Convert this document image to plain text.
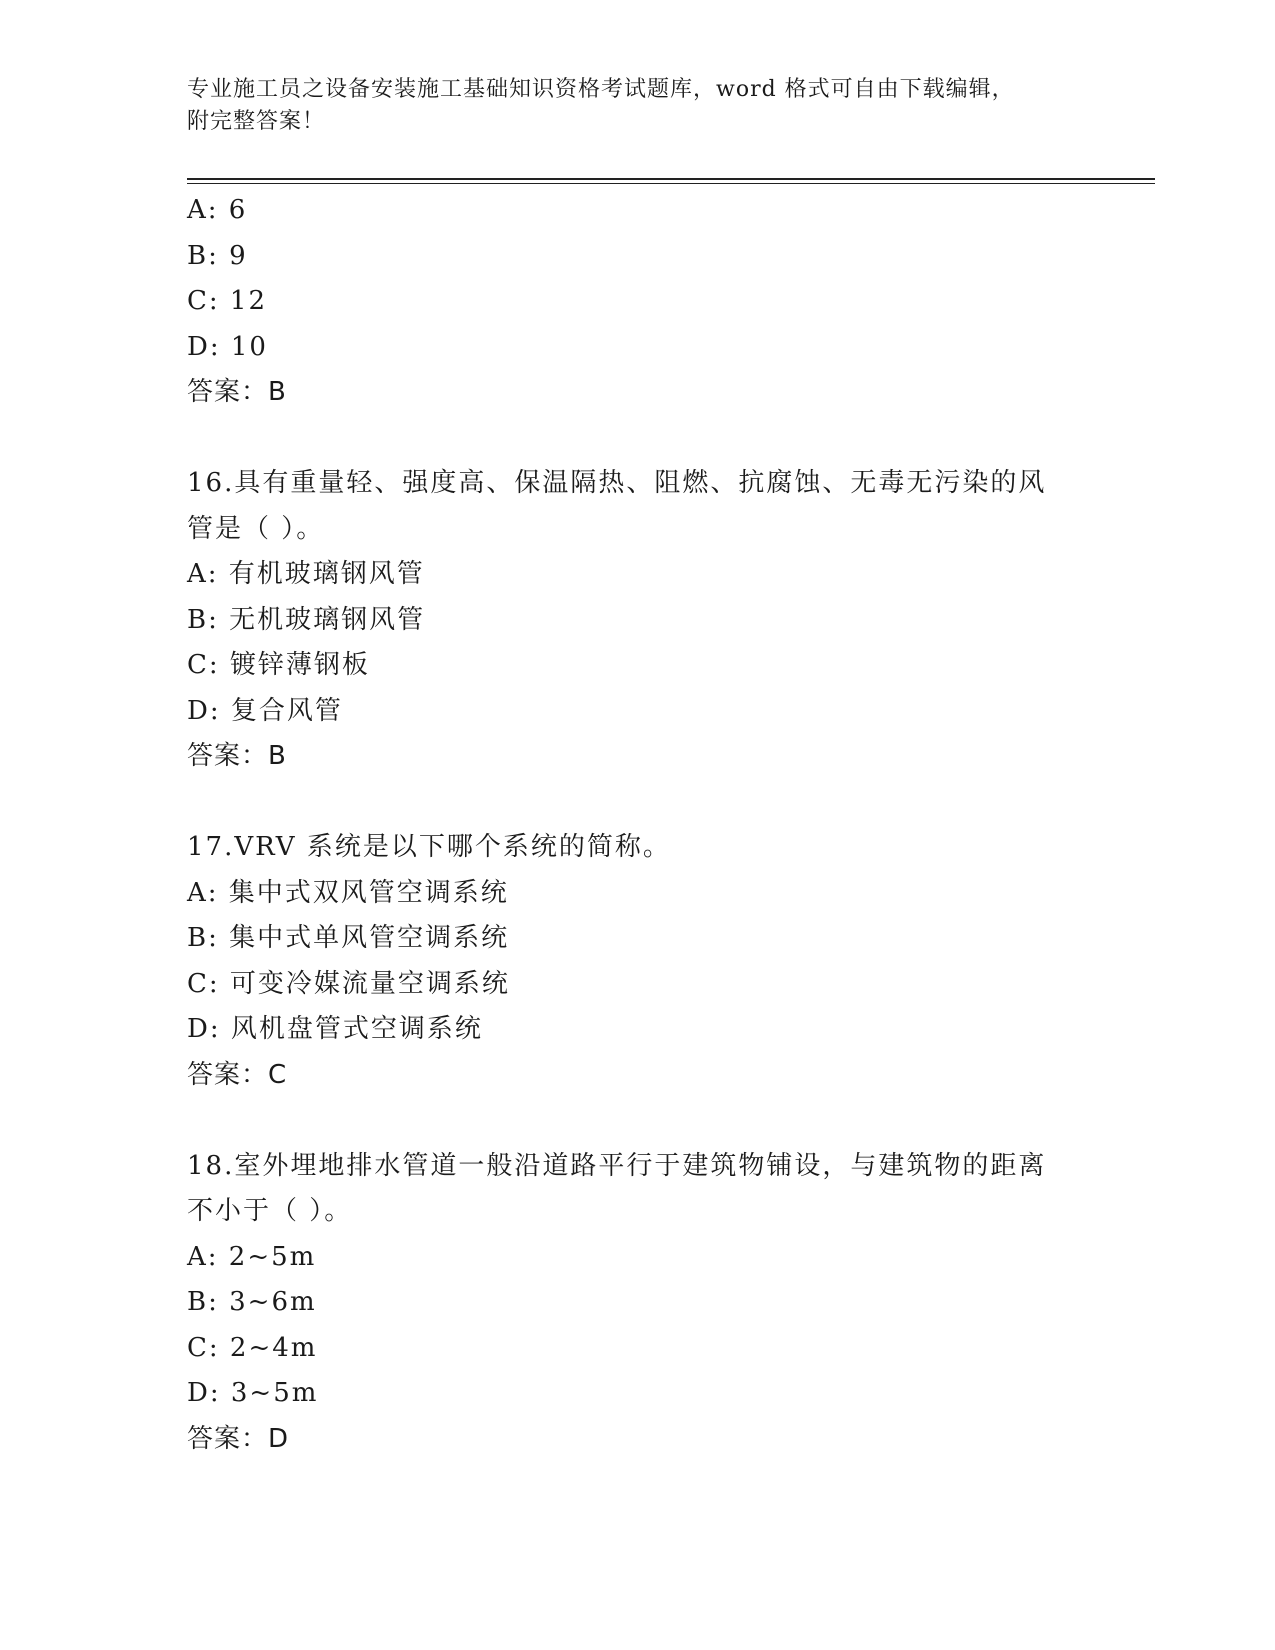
专业施工员之设备安装施工基础知识资格考试题库，word 格式可自由下载编辑，
附完整答案！
A: 6
B: 9
C: 12
D: 10
答案：B
16.具有重量轻、强度高、保温隔热、阻燃、抗腐蚀、无毒无污染的风
管是（ ）。
A: 有机玻璃钢风管
B: 无机玻璃钢风管
C: 镀锌薄钢板
D: 复合风管
答案：B
17.VRV 系统是以下哪个系统的简称。
A: 集中式双风管空调系统
B: 集中式单风管空调系统
C: 可变冷媒流量空调系统
D: 风机盘管式空调系统
答案：C
18.室外埋地排水管道一般沿道路平行于建筑物铺设，与建筑物的距离
不小于（ ）。
A: 2~5m
B: 3~6m
C: 2~4m
D: 3~5m
答案：D
